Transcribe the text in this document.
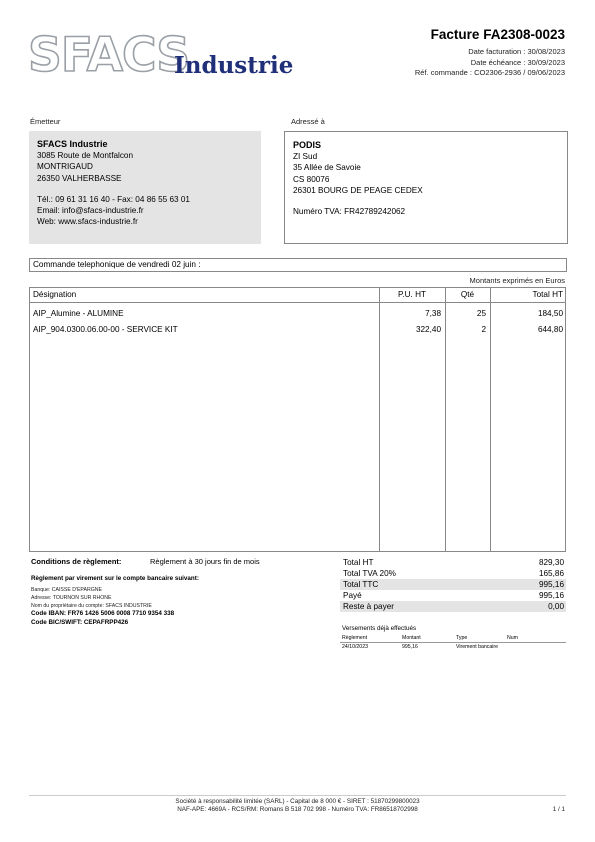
SFACS
Industrie
Facture FA2308-0023
Date facturation : 30/08/2023
Date échéance : 30/09/2023
Réf. commande : CO2306-2936 / 09/06/2023
Émetteur
SFACS Industrie
3085 Route de Montfalcon
MONTRIGAUD
26350 VALHERBASSE
Tél.: 09 61 31 16 40 - Fax: 04 86 55 63 01
Email: info@sfacs-industrie.fr
Web: www.sfacs-industrie.fr
Adressé à
PODIS
ZI Sud
35 Allée de Savoie
CS 80076
26301 BOURG DE PEAGE CEDEX
Numéro TVA: FR42789242062
Commande telephonique de vendredi 02 juin :
Montants exprimés en Euros
Désignation	P.U. HT	Qté	Total HT
AIP_Alumine - ALUMINE	7,38	25	184,50
AIP_904.0300.06.00-00 - SERVICE KIT	322,40	2	644,80
Conditions de règlement:	Règlement à 30 jours fin de mois
Règlement par virement sur le compte bancaire suivant:
Banque: CAISSE D'EPARGNE
Adresse: TOURNON SUR RHONE
Nom du propriétaire du compte: SFACS INDUSTRIE
Code IBAN: FR76 1426 5006 0008 7710 9354 338
Code BIC/SWIFT: CEPAFRPP426
Total HT	829,30
Total TVA 20%	165,86
Total TTC	995,16
Payé	995,16
Reste à payer	0,00
Versements déjà effectués
Règlement	Montant	Type	Num
24/10/2023	995,16	Virement bancaire
Société à responsabilité limitée (SARL) - Capital de 8 000 € - SIRET : 51870299800023
NAF-APE: 4669A - RCS/RM: Romans B 518 702 998 - Numéro TVA: FR86518702998	1 / 1
